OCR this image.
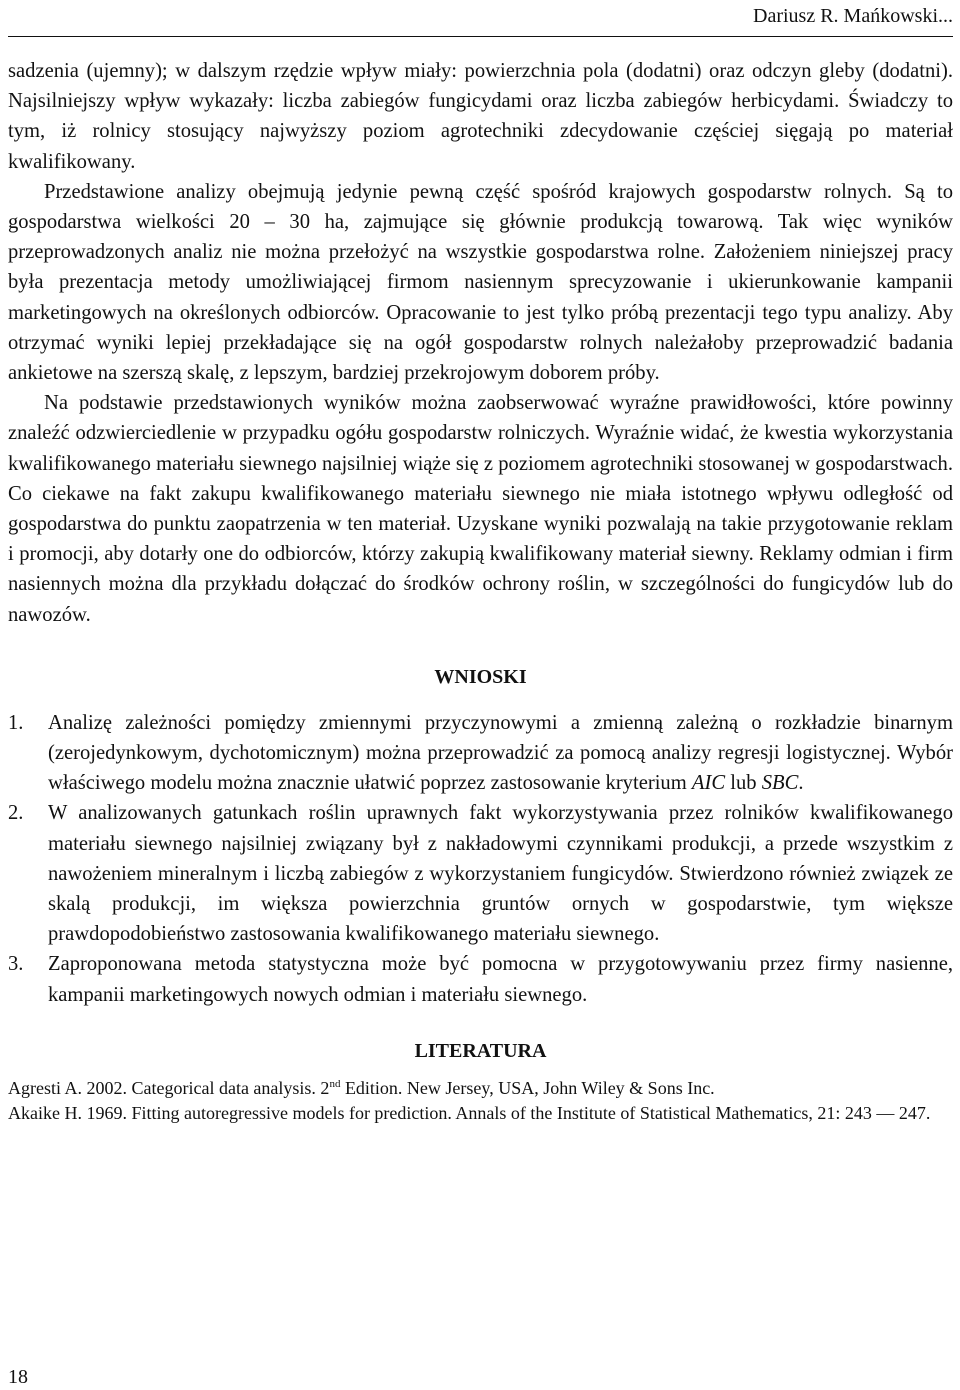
Dariusz R. Mańkowski...

sadzenia (ujemny); w dalszym rzędzie wpływ miały: powierzchnia pola (dodatni) oraz odczyn gleby (dodatni). Najsilniejszy wpływ wykazały: liczba zabiegów fungicydami oraz liczba zabiegów herbicydami. Świadczy to tym, iż rolnicy stosujący najwyższy poziom agrotechniki zdecydowanie częściej sięgają po materiał kwalifikowany.

Przedstawione analizy obejmują jedynie pewną część spośród krajowych gospodarstw rolnych. Są to gospodarstwa wielkości 20 – 30 ha, zajmujące się głównie produkcją towarową. Tak więc wyników przeprowadzonych analiz nie można przełożyć na wszystkie gospodarstwa rolne. Założeniem niniejszej pracy była prezentacja metody umożliwiającej firmom nasiennym sprecyzowanie i ukierunkowanie kampanii marketingowych na określonych odbiorców. Opracowanie to jest tylko próbą prezentacji tego typu analizy. Aby otrzymać wyniki lepiej przekładające się na ogół gospodarstw rolnych należałoby przeprowadzić badania ankietowe na szerszą skalę, z lepszym, bardziej przekrojowym doborem próby.

Na podstawie przedstawionych wyników można zaobserwować wyraźne prawidłowości, które powinny znaleźć odzwierciedlenie w przypadku ogółu gospodarstw rolniczych. Wyraźnie widać, że kwestia wykorzystania kwalifikowanego materiału siewnego najsilniej wiąże się z poziomem agrotechniki stosowanej w gospodarstwach. Co ciekawe na fakt zakupu kwalifikowanego materiału siewnego nie miała istotnego wpływu odległość od gospodarstwa do punktu zaopatrzenia w ten materiał. Uzyskane wyniki pozwalają na takie przygotowanie reklam i promocji, aby dotarły one do odbiorców, którzy zakupią kwalifikowany materiał siewny. Reklamy odmian i firm nasiennych można dla przykładu dołączać do środków ochrony roślin, w szczególności do fungicydów lub do nawozów.

WNIOSKI
1. Analizę zależności pomiędzy zmiennymi przyczynowymi a zmienną zależną o rozkładzie binarnym (zerojedynkowym, dychotomicznym) można przeprowadzić za pomocą analizy regresji logistycznej. Wybór właściwego modelu można znacznie ułatwić poprzez zastosowanie kryterium AIC lub SBC.
2. W analizowanych gatunkach roślin uprawnych fakt wykorzystywania przez rolników kwalifikowanego materiału siewnego najsilniej związany był z nakładowymi czynnikami produkcji, a przede wszystkim z nawożeniem mineralnym i liczbą zabiegów z wykorzystaniem fungicydów. Stwierdzono również związek ze skalą produkcji, im większa powierzchnia gruntów ornych w gospodarstwie, tym większe prawdopodobieństwo zastosowania kwalifikowanego materiału siewnego.
3. Zaproponowana metoda statystyczna może być pomocna w przygotowywaniu przez firmy nasienne, kampanii marketingowych nowych odmian i materiału siewnego.
LITERATURA

Agresti A. 2002. Categorical data analysis. 2nd Edition. New Jersey, USA, John Wiley & Sons Inc.

Akaike H. 1969. Fitting autoregressive models for prediction. Annals of the Institute of Statistical Mathematics, 21: 243 — 247.

18
